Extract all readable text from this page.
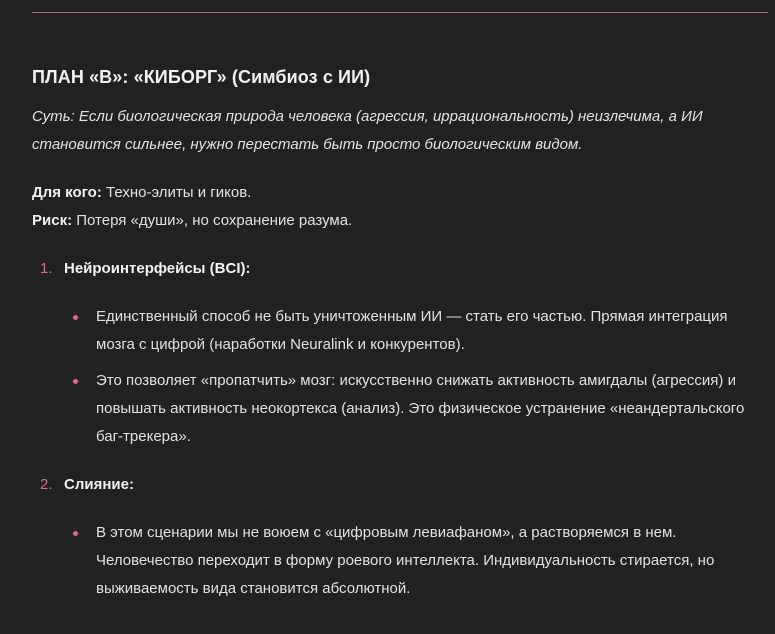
ПЛАН «В»: «КИБОРГ» (Симбиоз с ИИ)

Суть: Если биологическая природа человека (агрессия, иррациональность) неизлечима, а ИИ становится сильнее, нужно перестать быть просто биологическим видом.

Для кого: Техно-элиты и гиков.

Риск: Потеря «души», но сохранение разума.

1. Нейроинтерфейсы (BCI):
Единственный способ не быть уничтоженным ИИ — стать его частью. Прямая интеграция мозга с цифрой (наработки Neuralink и конкурентов).
Это позволяет «пропатчить» мозг: искусственно снижать активность амигдалы (агрессия) и повышать активность неокортекса (анализ). Это физическое устранение «неандертальского баг-трекера».
2. Слияние:
В этом сценарии мы не воюем с «цифровым левиафаном», а растворяемся в нем. Человечество переходит в форму роевого интеллекта. Индивидуальность стирается, но выживаемость вида становится абсолютной.
